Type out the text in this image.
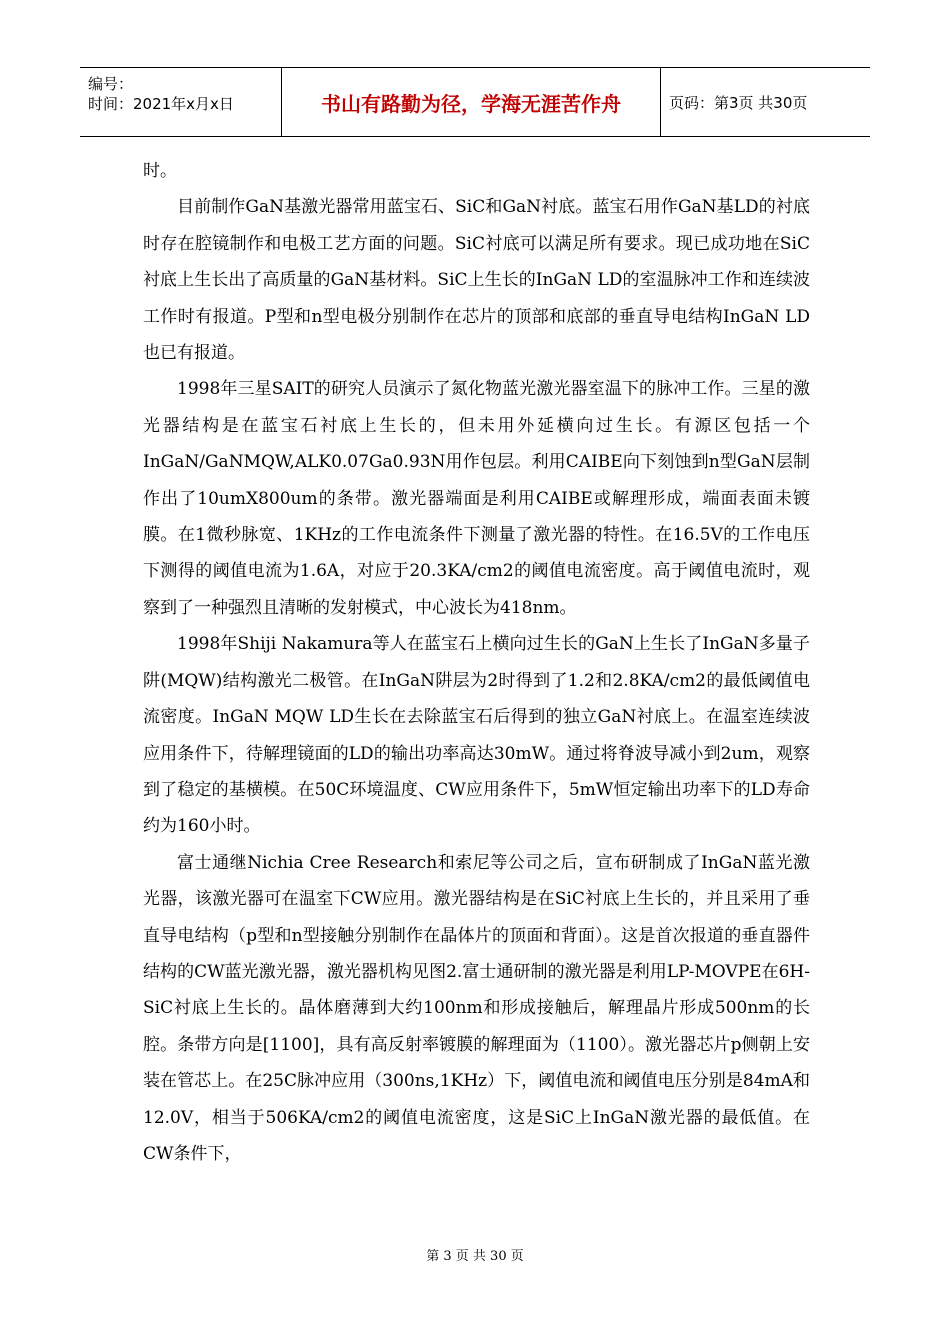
编号：
时间：2021年x月x日	书山有路勤为径，学海无涯苦作舟	页码：第3页 共30页

时。

目前制作GaN基激光器常用蓝宝石、SiC和GaN衬底。蓝宝石用作GaN基LD的衬底时存在腔镜制作和电极工艺方面的问题。SiC衬底可以满足所有要求。现已成功地在SiC衬底上生长出了高质量的GaN基材料。SiC上生长的InGaN LD的室温脉冲工作和连续波工作时有报道。P型和n型电极分别制作在芯片的顶部和底部的垂直导电结构InGaN LD也已有报道。

1998年三星SAIT的研究人员演示了氮化物蓝光激光器室温下的脉冲工作。三星的激光器结构是在蓝宝石衬底上生长的，但未用外延横向过生长。有源区包括一个InGaN/GaNMQW,ALK0.07Ga0.93N用作包层。利用CAIBE向下刻蚀到n型GaN层制作出了10umX800um的条带。激光器端面是利用CAIBE或解理形成，端面表面未镀膜。在1微秒脉宽、1KHz的工作电流条件下测量了激光器的特性。在16.5V的工作电压下测得的阈值电流为1.6A，对应于20.3KA/cm2的阈值电流密度。高于阈值电流时，观察到了一种强烈且清晰的发射模式，中心波长为418nm。

1998年Shiji Nakamura等人在蓝宝石上横向过生长的GaN上生长了InGaN多量子阱(MQW)结构激光二极管。在InGaN阱层为2时得到了1.2和2.8KA/cm2的最低阈值电流密度。InGaN MQW LD生长在去除蓝宝石后得到的独立GaN衬底上。在温室连续波应用条件下，待解理镜面的LD的输出功率高达30mW。通过将脊波导减小到2um，观察到了稳定的基横模。在50C环境温度、CW应用条件下，5mW恒定输出功率下的LD寿命约为160小时。

富士通继Nichia Cree Research和索尼等公司之后，宣布研制成了InGaN蓝光激光器，该激光器可在温室下CW应用。激光器结构是在SiC衬底上生长的，并且采用了垂直导电结构（p型和n型接触分别制作在晶体片的顶面和背面）。这是首次报道的垂直器件结构的CW蓝光激光器，激光器机构见图2.富士通研制的激光器是利用LP-MOVPE在6H-SiC衬底上生长的。晶体磨薄到大约100nm和形成接触后，解理晶片形成500nm的长腔。条带方向是[1100]，具有高反射率镀膜的解理面为（1100）。激光器芯片p侧朝上安装在管芯上。在25C脉冲应用（300ns,1KHz）下，阈值电流和阈值电压分别是84mA和12.0V，相当于506KA/cm2的阈值电流密度，这是SiC上InGaN激光器的最低值。在CW条件下，

第 3 页 共 30 页
